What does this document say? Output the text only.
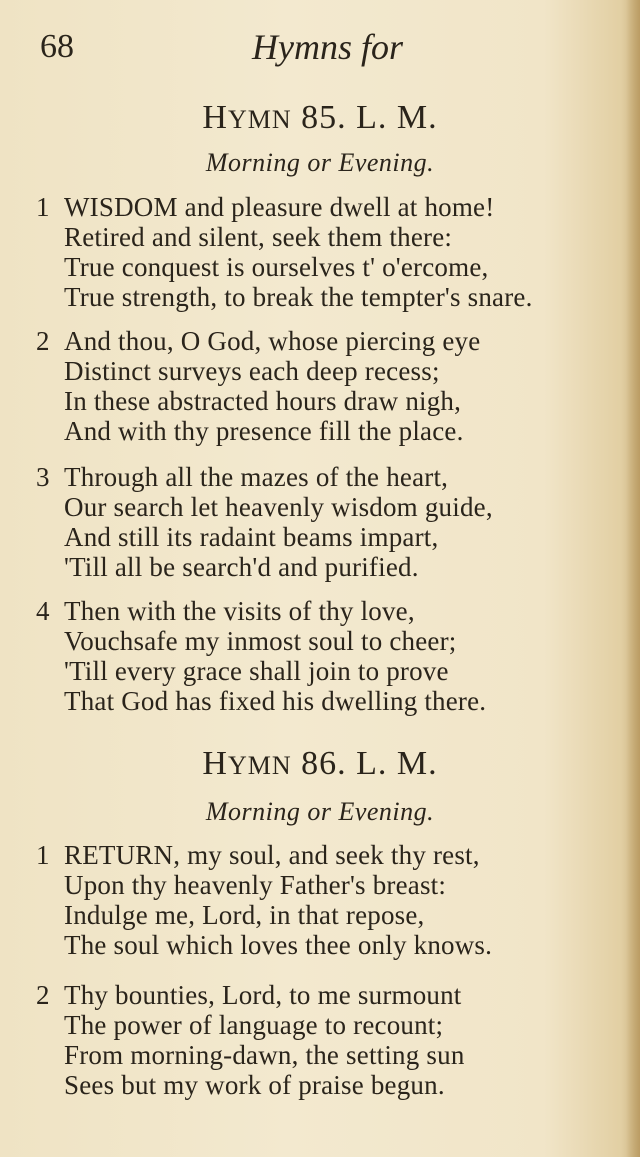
68	Hymns for
HYMN 85. L. M.
Morning or Evening.
1 WISDOM and pleasure dwell at home!
Retired and silent, seek them there:
True conquest is ourselves t' o'ercome,
True strength, to break the tempter's snare.
2 And thou, O God, whose piercing eye
Distinct surveys each deep recess;
In these abstracted hours draw nigh,
And with thy presence fill the place.
3 Through all the mazes of the heart,
Our search let heavenly wisdom guide,
And still its radaint beams impart,
'Till all be search'd and purified.
4 Then with the visits of thy love,
Vouchsafe my inmost soul to cheer;
'Till every grace shall join to prove
That God has fixed his dwelling there.
HYMN 86. L. M.
Morning or Evening.
1 RETURN, my soul, and seek thy rest,
Upon thy heavenly Father's breast:
Indulge me, Lord, in that repose,
The soul which loves thee only knows.
2 Thy bounties, Lord, to me surmount
The power of language to recount;
From morning-dawn, the setting sun
Sees but my work of praise begun.
